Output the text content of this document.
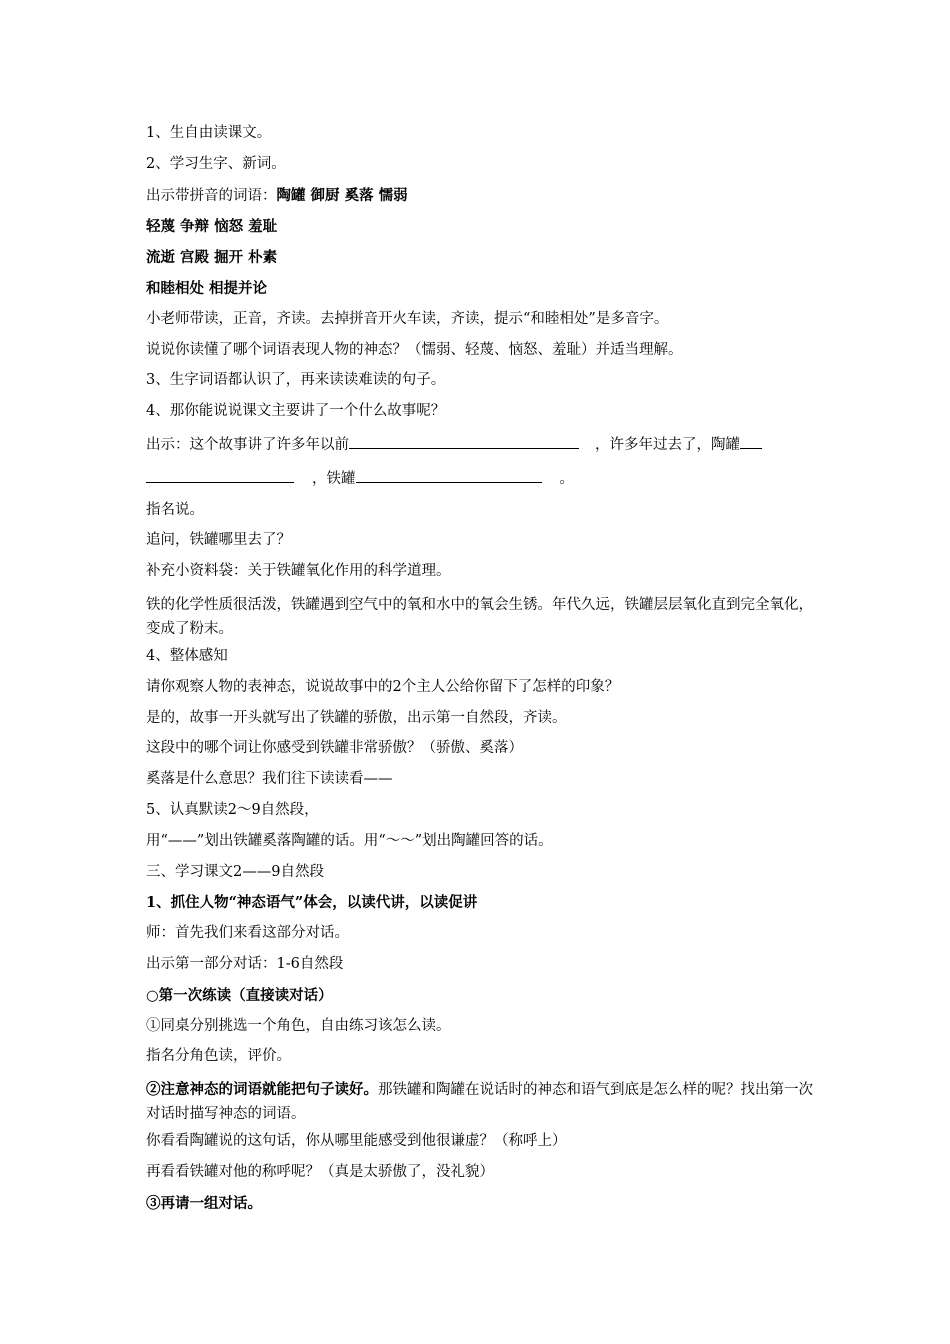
1、生自由读课文。

2、学习生字、新词。

出示带拼音的词语：陶罐 御厨 奚落 懦弱

轻蔑 争辩 恼怒 羞耻

流逝 宫殿 掘开 朴素

和睦相处 相提并论

小老师带读，正音，齐读。去掉拼音开火车读，齐读，提示“和睦相处”是多音字。

说说你读懂了哪个词语表现人物的神态？（懦弱、轻蔑、恼怒、羞耻）并适当理解。

3、生字词语都认识了，再来读读难读的句子。

4、那你能说说课文主要讲了一个什么故事呢？

出示：这个故事讲了许多年以前	，许多年过去了，陶罐

，铁罐	。

指名说。

追问，铁罐哪里去了？

补充小资料袋：关于铁罐氧化作用的科学道理。

铁的化学性质很活泼，铁罐遇到空气中的氧和水中的氧会生锈。年代久远，铁罐层层氧化直到完全氧化，变成了粉末。

4、整体感知

请你观察人物的表神态，说说故事中的2个主人公给你留下了怎样的印象？

是的，故事一开头就写出了铁罐的骄傲，出示第一自然段，齐读。

这段中的哪个词让你感受到铁罐非常骄傲？（骄傲、奚落）

奚落是什么意思？我们往下读读看——

5、认真默读2～9自然段，

用“——”划出铁罐奚落陶罐的话。用“～～”划出陶罐回答的话。

三、学习课文2——9自然段

1、抓住人物“神态语气”体会，以读代讲，以读促讲

师：首先我们来看这部分对话。

出示第一部分对话：1-6自然段

○第一次练读（直接读对话）

①同桌分别挑选一个角色，自由练习该怎么读。

指名分角色读，评价。

②注意神态的词语就能把句子读好。那铁罐和陶罐在说话时的神态和语气到底是怎么样的呢？找出第一次对话时描写神态的词语。

你看看陶罐说的这句话，你从哪里能感受到他很谦虚？（称呼上）

再看看铁罐对他的称呼呢？（真是太骄傲了，没礼貌）

③再请一组对话。
